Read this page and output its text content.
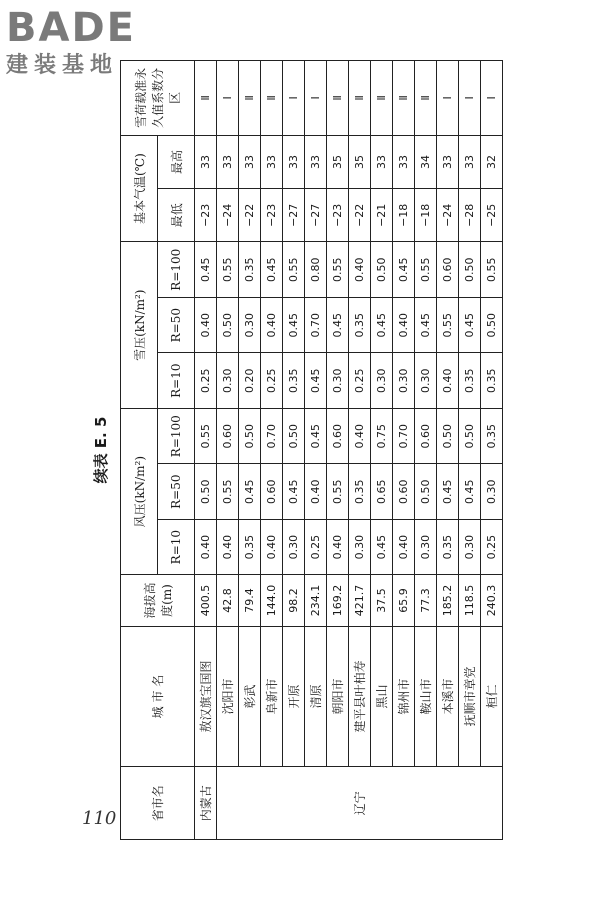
BADE
建装基地
续表 E. 5
省市名	城 市 名	海拔高度(m)	风压(kN/m²)			雪压(kN/m²)			基本气温(℃)		雪荷载准永久值系数分区
			R=10	R=50	R=100	R=10	R=50	R=100	最低	最高	
内蒙古	敖汉旗宝国图	400.5	0.40	0.50	0.55	0.25	0.40	0.45	−23	33	Ⅱ
辽宁	沈阳市	42.8	0.40	0.55	0.60	0.30	0.50	0.55	−24	33	Ⅰ
	彰武	79.4	0.35	0.45	0.50	0.20	0.30	0.35	−22	33	Ⅱ
	阜新市	144.0	0.40	0.60	0.70	0.25	0.40	0.45	−23	33	Ⅱ
	开原	98.2	0.30	0.45	0.50	0.35	0.45	0.55	−27	33	Ⅰ
	清原	234.1	0.25	0.40	0.45	0.45	0.70	0.80	−27	33	Ⅰ
	朝阳市	169.2	0.40	0.55	0.60	0.30	0.45	0.55	−23	35	Ⅱ
	建平县叶柏寿	421.7	0.30	0.35	0.40	0.25	0.35	0.40	−22	35	Ⅱ
	黑山	37.5	0.45	0.65	0.75	0.30	0.45	0.50	−21	33	Ⅱ
	锦州市	65.9	0.40	0.60	0.70	0.30	0.40	0.45	−18	33	Ⅱ
	鞍山市	77.3	0.30	0.50	0.60	0.30	0.45	0.55	−18	34	Ⅱ
	本溪市	185.2	0.35	0.45	0.50	0.40	0.55	0.60	−24	33	Ⅰ
	抚顺市章党	118.5	0.30	0.45	0.50	0.35	0.45	0.50	−28	33	Ⅰ
	桓仁	240.3	0.25	0.30	0.35	0.35	0.50	0.55	−25	32	Ⅰ
110
